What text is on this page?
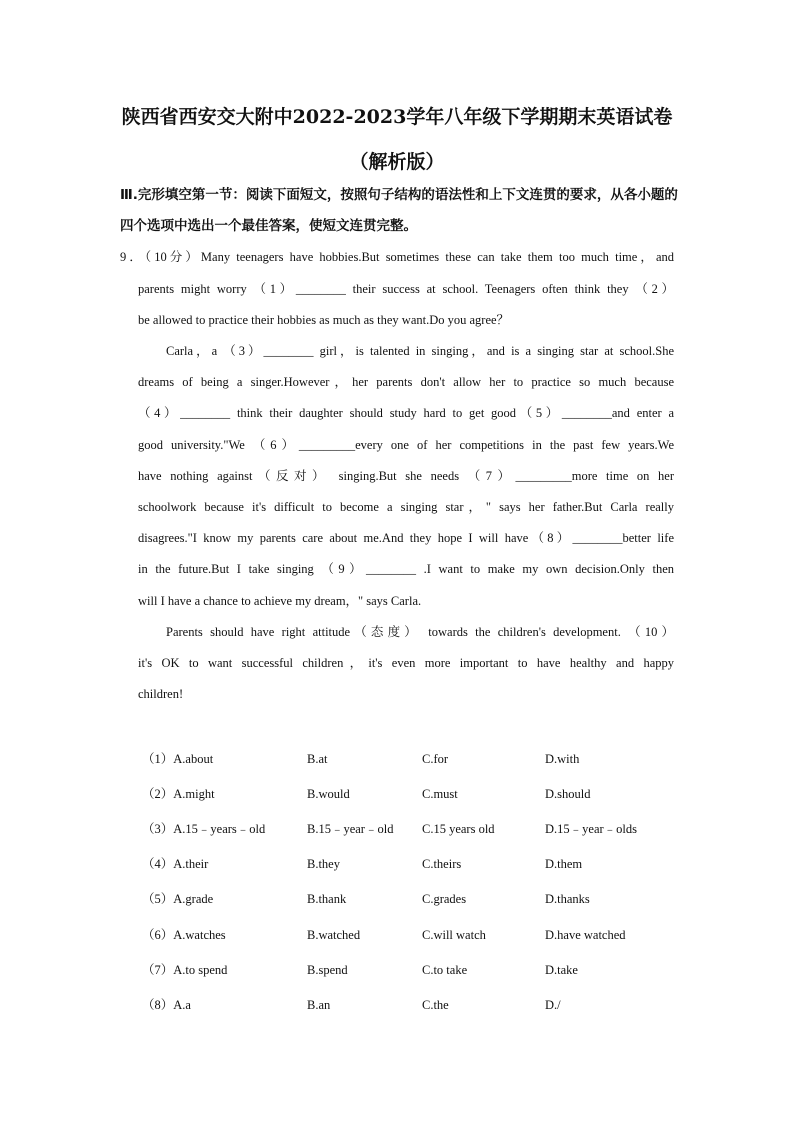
陕西省西安交大附中2022-2023学年八年级下学期期末英语试卷
（解析版）
Ⅲ.完形填空第一节：阅读下面短文，按照句子结构的语法性和上下文连贯的要求，从各小题的四个选项中选出一个最佳答案，使短文连贯完整。
9．（10分）Many teenagers have hobbies.But sometimes these can take them too much time，and
parents might worry （1）________ their success at school. Teenagers often think they （2）
be allowed to practice their hobbies as much as they want.Do you agree？
Carla，a （3）________ girl，is talented in singing，and is a singing star at school.She
dreams of being a singer.However，her parents don't allow her to practice so much because
（4）________ think their daughter should study hard to get good（5）________and enter a
good university."We （6）_________every one of her competitions in the past few years.We
have nothing against（反对） singing.But she needs （7）_________more time on her
schoolwork because it's difficult to become a singing star，" says her father.But Carla really
disagrees."I know my parents care about me.And they hope I will have（8）________better life
in the future.But I take singing （9）________ .I want to make my own decision.Only then
will I have a chance to achieve my dream，" says Carla.
Parents should have right attitude（态度） towards the children's development. （10）
it's OK to want successful children，it's even more important to have healthy and happy
children!
（1）A.about	B.at	C.for	D.with
（2）A.might	B.would	C.must	D.should
（3）A.15﹣years﹣old	B.15﹣year﹣old C.15 years old	D.15﹣year﹣olds
（4）A.their	B.they	C.theirs	D.them
（5）A.grade	B.thank	C.grades	D.thanks
（6）A.watches	B.watched	C.will watch	D.have watched
（7）A.to spend	B.spend	C.to take	D.take
（8）A.a	B.an	C.the	D./
